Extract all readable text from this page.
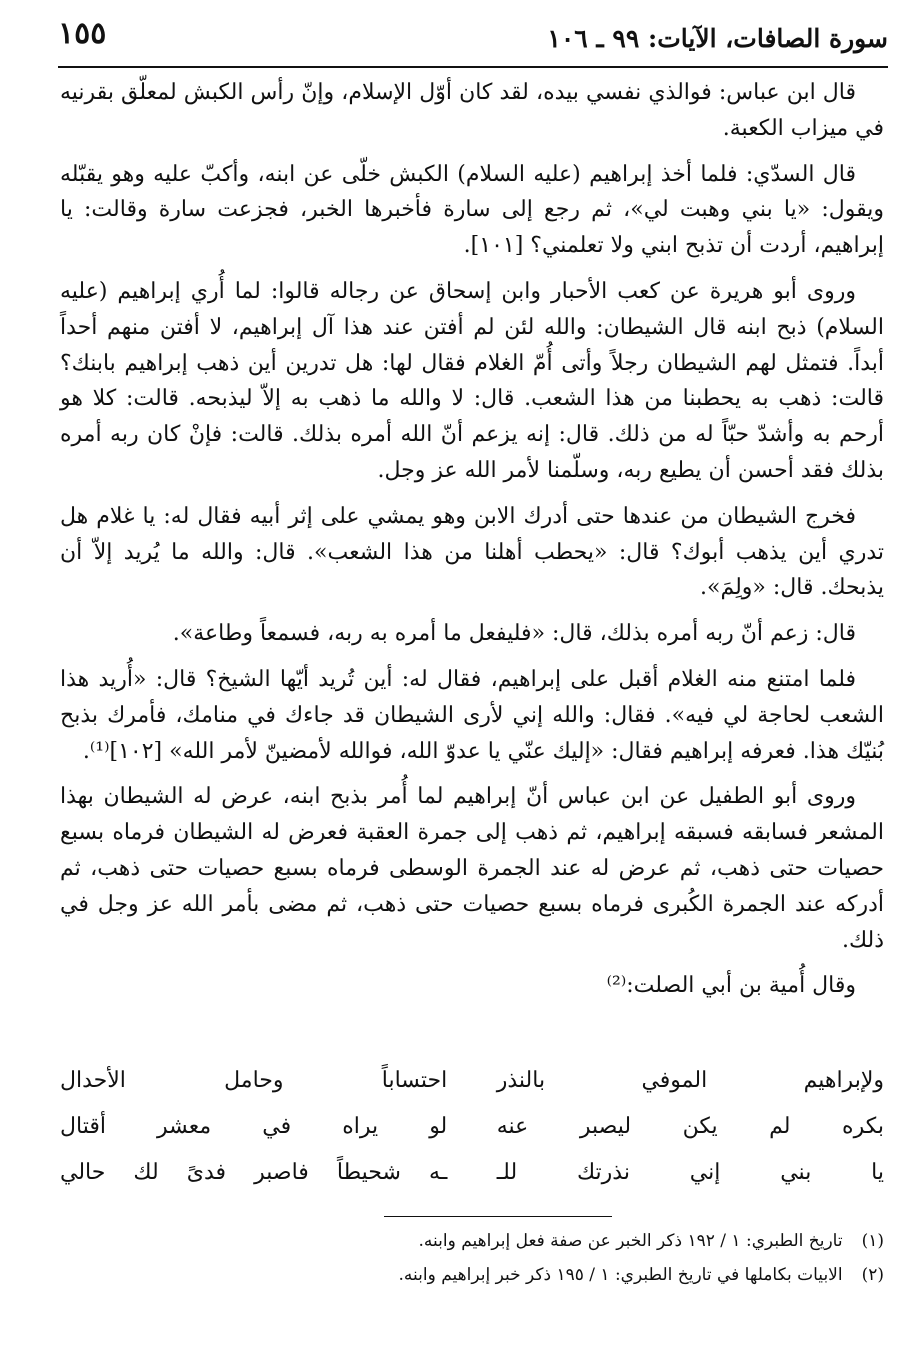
سورة الصافات، الآيات: ٩٩ ـ ١٠٦
١٥٥

قال ابن عباس: فوالذي نفسي بيده، لقد كان أوّل الإسلام، وإنّ رأس الكبش لمعلّق بقرنيه في ميزاب الكعبة.

قال السدّي: فلما أخذ إبراهيم (عليه السلام) الكبش خلّى عن ابنه، وأكبّ عليه وهو يقبّله ويقول: «يا بني وهبت لي»، ثم رجع إلى سارة فأخبرها الخبر، فجزعت سارة وقالت: يا إبراهيم، أردت أن تذبح ابني ولا تعلمني؟ [١٠١].

وروى أبو هريرة عن كعب الأحبار وابن إسحاق عن رجاله قالوا: لما أُري إبراهيم (عليه السلام) ذبح ابنه قال الشيطان: والله لئن لم أفتن عند هذا آل إبراهيم، لا أفتن منهم أحداً أبداً. فتمثل لهم الشيطان رجلاً وأتى أُمّ الغلام فقال لها: هل تدرين أين ذهب إبراهيم بابنك؟ قالت: ذهب به يحطبنا من هذا الشعب. قال: لا والله ما ذهب به إلاّ ليذبحه. قالت: كلا هو أرحم به وأشدّ حبّاً له من ذلك. قال: إنه يزعم أنّ الله أمره بذلك. قالت: فإنْ كان ربه أمره بذلك فقد أحسن أن يطيع ربه، وسلّمنا لأمر الله عز وجل.

فخرج الشيطان من عندها حتى أدرك الابن وهو يمشي على إثر أبيه فقال له: يا غلام هل تدري أين يذهب أبوك؟ قال: «يحطب أهلنا من هذا الشعب». قال: والله ما يُريد إلاّ أن يذبحك. قال: «ولِمَ».

قال: زعم أنّ ربه أمره بذلك، قال: «فليفعل ما أمره به ربه، فسمعاً وطاعة».

فلما امتنع منه الغلام أقبل على إبراهيم، فقال له: أين تُريد أيّها الشيخ؟ قال: «أُريد هذا الشعب لحاجة لي فيه». فقال: والله إني لأرى الشيطان قد جاءك في منامك، فأمرك بذبح بُنيّك هذا. فعرفه إبراهيم فقال: «إليك عنّي يا عدوّ الله، فوالله لأمضينّ لأمر الله» [١٠٢]⁽¹⁾.

وروى أبو الطفيل عن ابن عباس أنّ إبراهيم لما أُمر بذبح ابنه، عرض له الشيطان بهذا المشعر فسابقه فسبقه إبراهيم، ثم ذهب إلى جمرة العقبة فعرض له الشيطان فرماه بسبع حصيات حتى ذهب، ثم عرض له عند الجمرة الوسطى فرماه بسبع حصيات حتى ذهب، ثم أدركه عند الجمرة الكُبرى فرماه بسبع حصيات حتى ذهب، ثم مضى بأمر الله عز وجل في ذلك.

وقال أُمية بن أبي الصلت:⁽²⁾

ولإبراهيم الموفي بالنذر
احتساباً وحامل الأحدال
بكره لم يكن ليصبر عنه
لو يراه في معشر أقتال
يا بني إني نذرتك للـ
ـه شحيطاً فاصبر فدىً لك حالي
(١) تاريخ الطبري: ١ / ١٩٢ ذكر الخبر عن صفة فعل إبراهيم وابنه.
(٢) الابيات بكاملها في تاريخ الطبري: ١ / ١٩٥ ذكر خبر إبراهيم وابنه.
